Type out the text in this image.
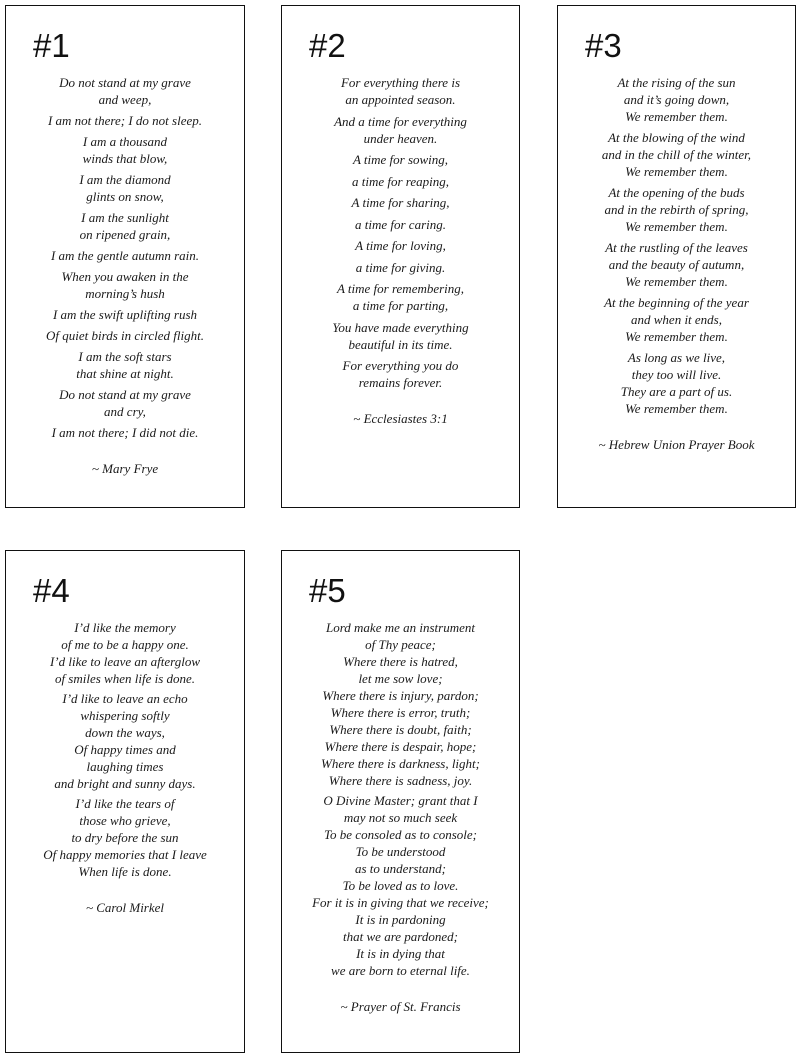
#1
Do not stand at my grave
and weep,
I am not there; I do not sleep.
I am a thousand
winds that blow,
I am the diamond
glints on snow,
I am the sunlight
on ripened grain,
I am the gentle autumn rain.
When you awaken in the
morning’s hush
I am the swift uplifting rush
Of quiet birds in circled flight.
I am the soft stars
that shine at night.
Do not stand at my grave
and cry,
I am not there; I did not die.
~ Mary Frye
#2
For everything there is
an appointed season.
And a time for everything
under heaven.
A time for sowing,
a time for reaping,
A time for sharing,
a time for caring.
A time for loving,
a time for giving.
A time for remembering,
a time for parting,
You have made everything
beautiful in its time.
For everything you do
remains forever.
~ Ecclesiastes 3:1
#3
At the rising of the sun
and it’s going down,
We remember them.
At the blowing of the wind
and in the chill of the winter,
We remember them.
At the opening of the buds
and in the rebirth of spring,
We remember them.
At the rustling of the leaves
and the beauty of autumn,
We remember them.
At the beginning of the year
and when it ends,
We remember them.
As long as we live,
they too will live.
They are a part of us.
We remember them.
~ Hebrew Union Prayer Book
#4
I’d like the memory
of me to be a happy one.
I’d like to leave an afterglow
of smiles when life is done.
I’d like to leave an echo
whispering softly
down the ways,
Of happy times and
laughing times
and bright and sunny days.
I’d like the tears of
those who grieve,
to dry before the sun
Of happy memories that I leave
When life is done.
~ Carol Mirkel
#5
Lord make me an instrument
of Thy peace;
Where there is hatred,
let me sow love;
Where there is injury, pardon;
Where there is error, truth;
Where there is doubt, faith;
Where there is despair, hope;
Where there is darkness, light;
Where there is sadness, joy.
O Divine Master; grant that I
may not so much seek
To be consoled as to console;
To be understood
as to understand;
To be loved as to love.
For it is in giving that we receive;
It is in pardoning
that we are pardoned;
It is in dying that
we are born to eternal life.
~ Prayer of St. Francis
